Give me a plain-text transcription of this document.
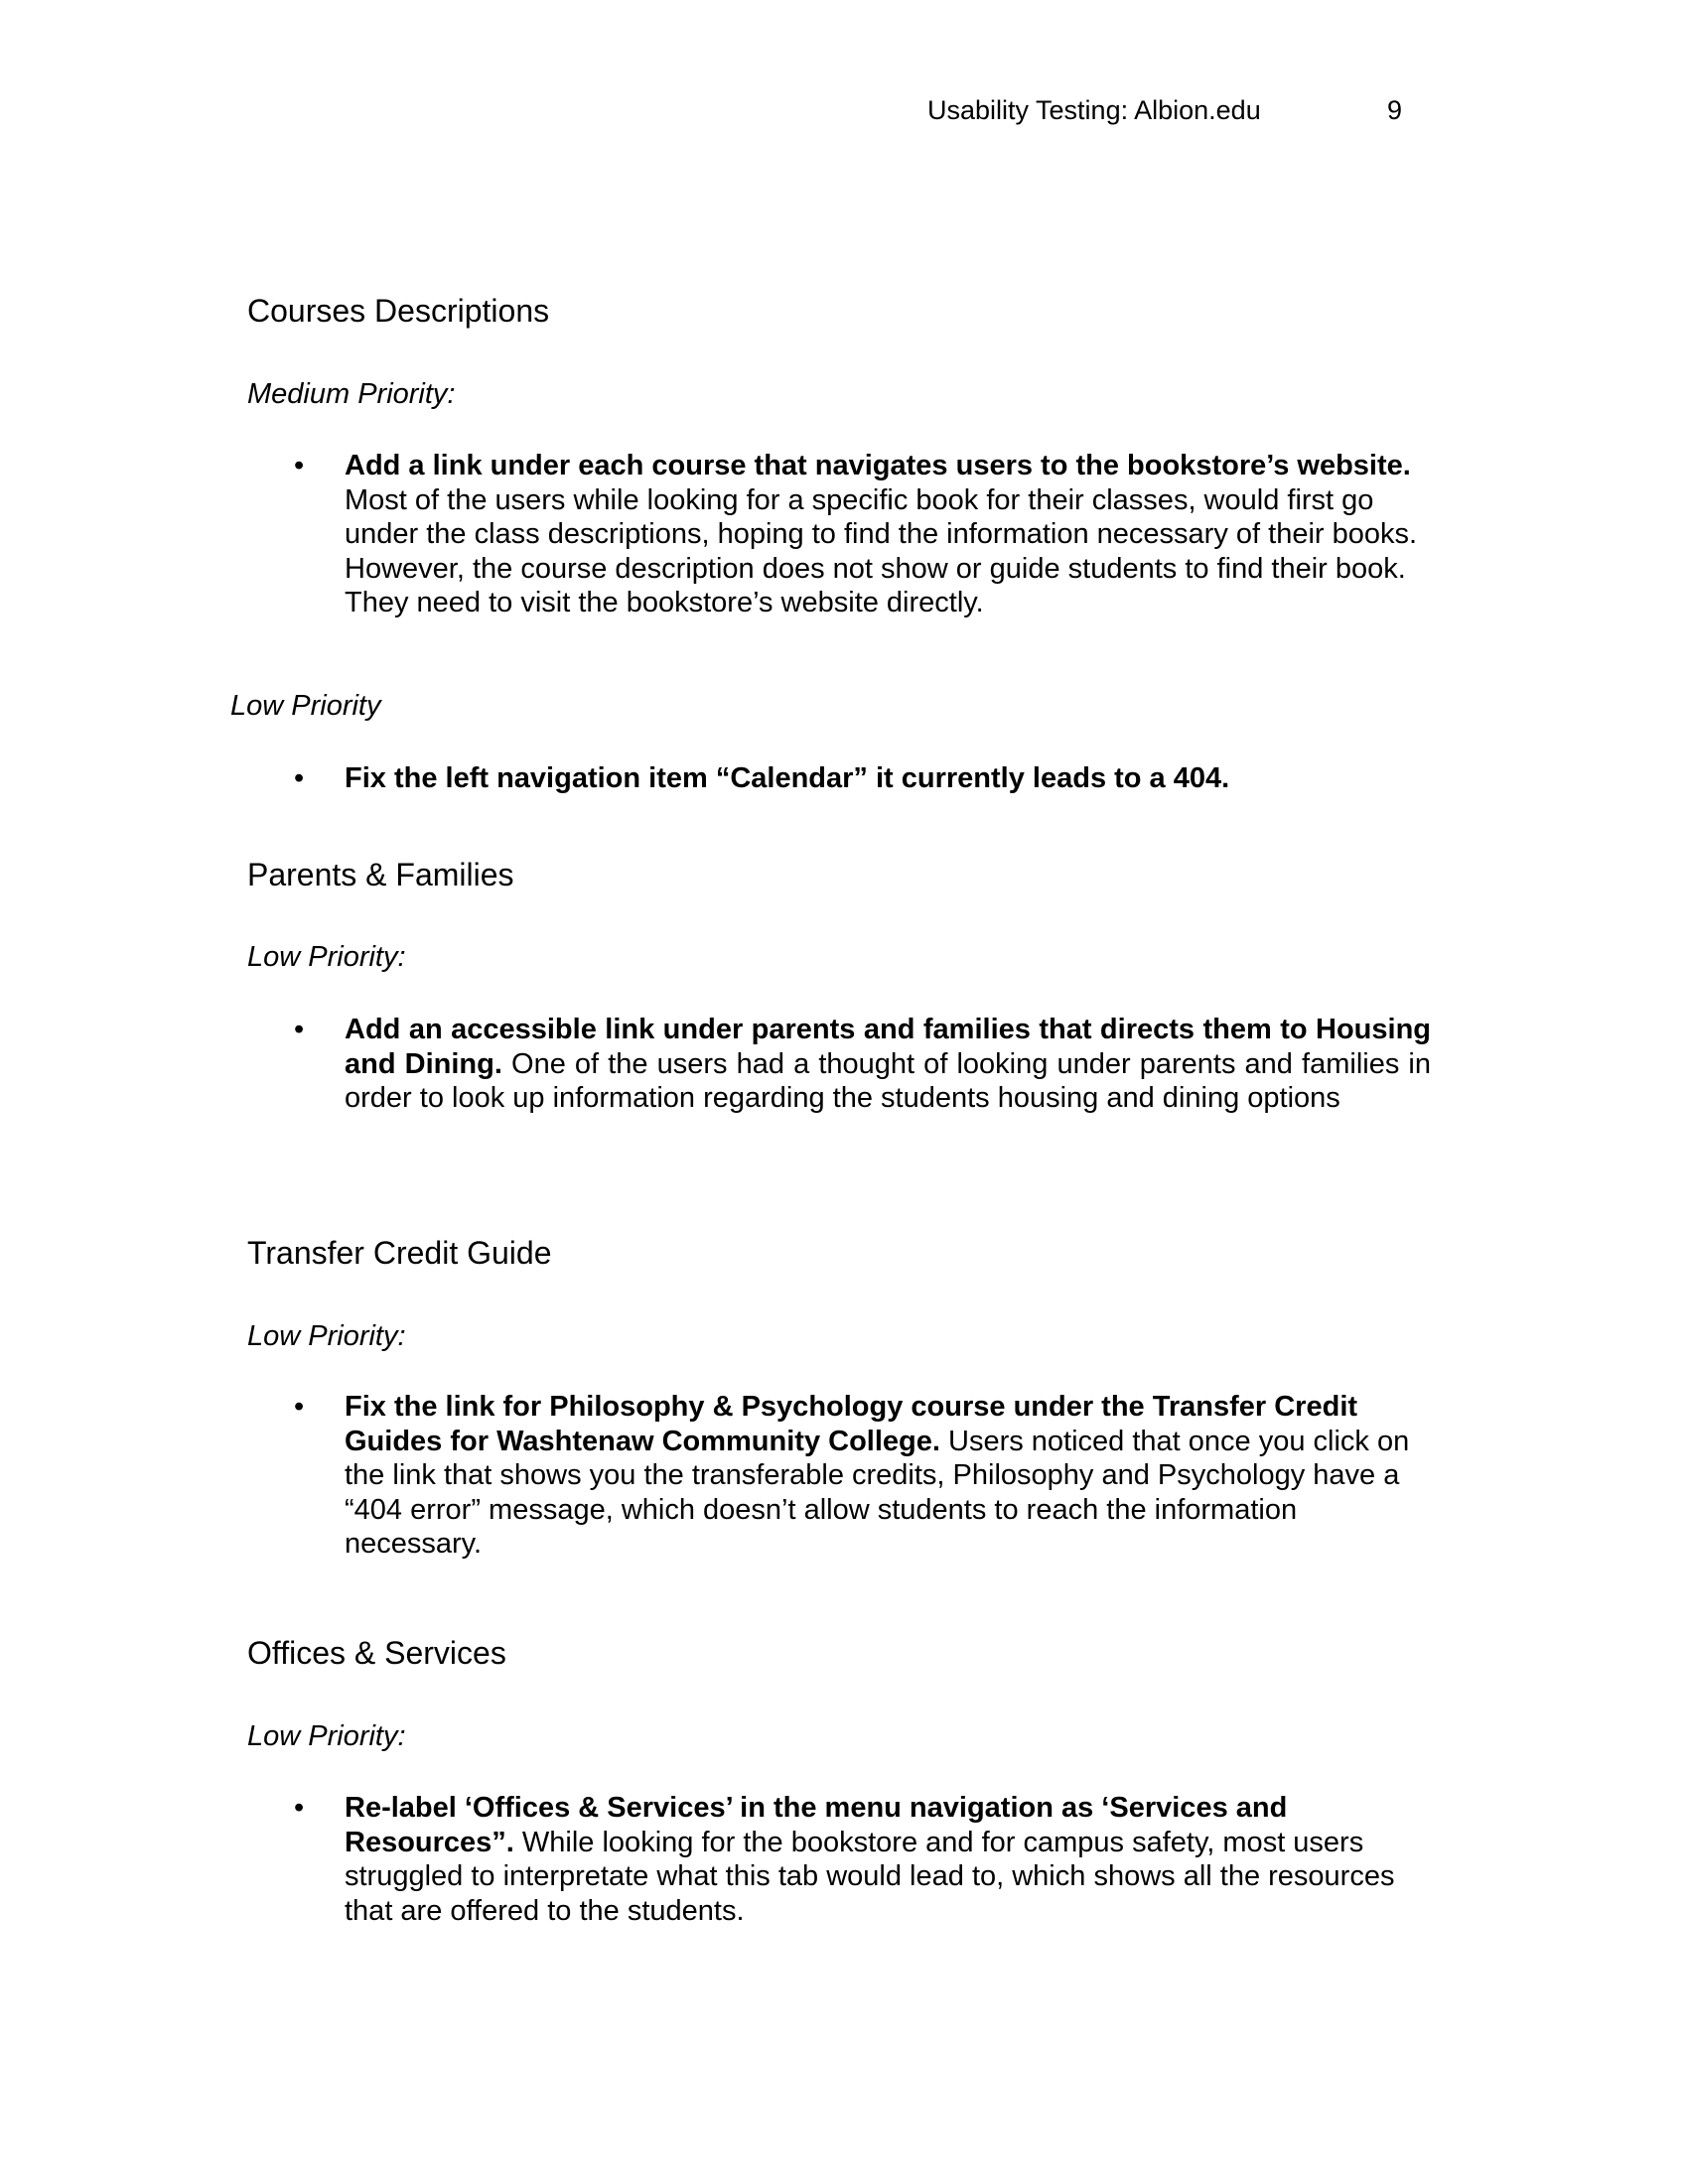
Usability Testing: Albion.edu	9
Courses Descriptions

Medium Priority:

• Add a link under each course that navigates users to the bookstore’s website. Most of the users while looking for a specific book for their classes, would first go under the class descriptions, hoping to find the information necessary of their books. However, the course description does not show or guide students to find their book. They need to visit the bookstore’s website directly.

Low Priority

• Fix the left navigation item “Calendar” it currently leads to a 404.

Parents & Families

Low Priority:

• Add an accessible link under parents and families that directs them to Housing and Dining. One of the users had a thought of looking under parents and families in order to look up information regarding the students housing and dining options

Transfer Credit Guide

Low Priority:

• Fix the link for Philosophy & Psychology course under the Transfer Credit Guides for Washtenaw Community College. Users noticed that once you click on the link that shows you the transferable credits, Philosophy and Psychology have a “404 error” message, which doesn’t allow students to reach the information necessary.

Offices & Services

Low Priority:

• Re-label ‘Offices & Services’ in the menu navigation as ‘Services and Resources”. While looking for the bookstore and for campus safety, most users struggled to interpretate what this tab would lead to, which shows all the resources that are offered to the students.
